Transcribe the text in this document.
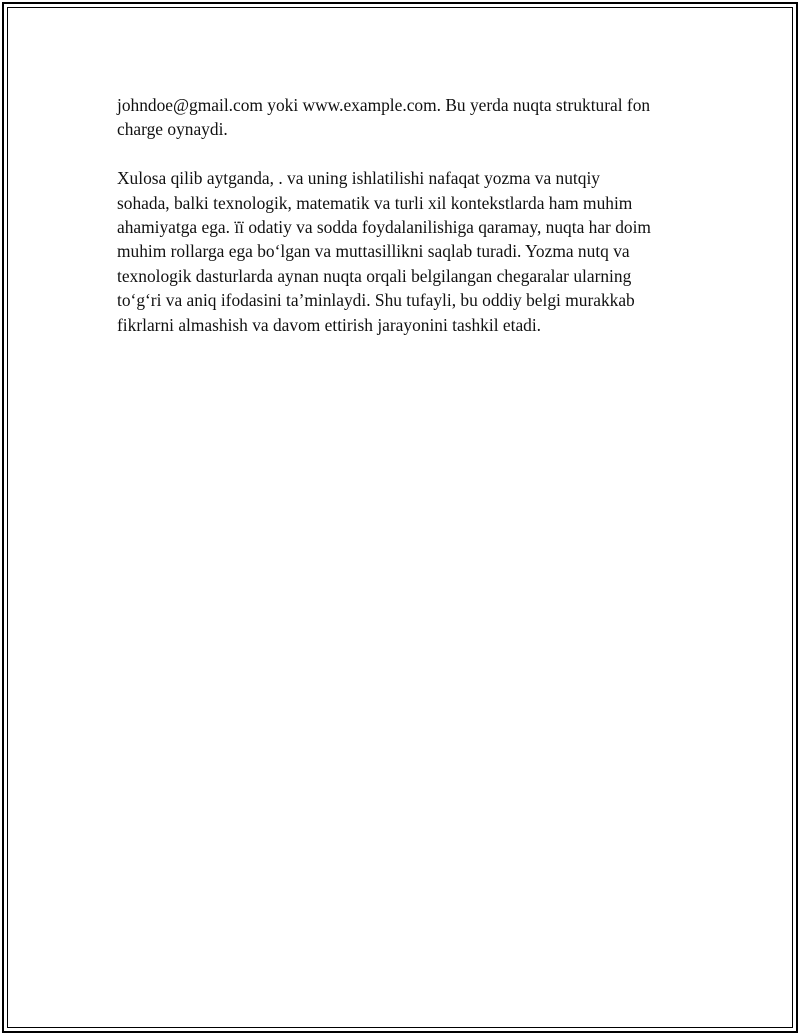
johndoe@gmail.com yoki www.example.com. Bu yerda nuqta struktural fon
charge oynaydi.

Xulosa qilib aytganda, . va uning ishlatilishi nafaqat yozma va nutqiy
sohada, balki texnologik, matematik va turli xil kontekstlarda ham muhim
ahamiyatga ega. ïï odatiy va sodda foydalanilishiga qaramay, nuqta har doim
muhim rollarga ega boʻlgan va muttasillikni saqlab turadi. Yozma nutq va
texnologik dasturlarda aynan nuqta orqali belgilangan chegaralar ularning
toʻgʻri va aniq ifodasini taʼminlaydi. Shu tufayli, bu oddiy belgi murakkab
fikrlarni almashish va davom ettirish jarayonini tashkil etadi.
